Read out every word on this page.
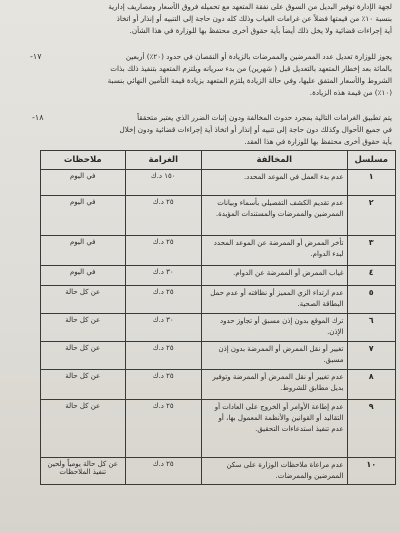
لجهة الإدارة توفير البديل من السوق على نفقة المتعهد مع تحميله فروق الأسعار ومصاريف إدارية
بنسبة ١٠٪ من قيمتها فضلاً عن غرامات الغياب وذلك كله دون حاجة إلى التنبيه أو إنذار أو اتخاذ
أية إجراءات قضائية ولا يخل ذلك أيضاً بأية حقوق أخرى محتفظ بها للوزارة في هذا الشأن.
-١٧	يجوز للوزارة تعديل عدد الممرضين والممرضات بالزيادة أو النقصان في حدود (٢٠٪) أربعين
بالمائة بعد إخطار المتعهد بالتعديل قبل ( شهرين) من بدء سريانه ويلتزم المتعهد بتنفيذ ذلك بذات
الشروط والأسعار المتفق عليها، وفي حالة الزيادة يلتزم المتعهد بزيادة قيمة التأمين النهائي بنسبة
(١٠٪) من قيمة هذه الزيادة.
-١٨	يتم تطبيق الغرامات التالية بمجرد حدوث المخالفة ودون إثبات الضرر الذي يعتبر متحققاً
في جميع الأحوال وكذلك دون حاجة إلى تنبيه أو إنذار أو اتخاذ أية إجراءات قضائية ودون إخلال
بأية حقوق أخرى محتفظ بها للوزارة في هذا العقد.
مسلسل	المخالفة	الغرامة	ملاحظات
١	عدم بدء العمل في الموعد المحدد.	١٥٠ د.ك	في اليوم
٢	عدم تقديم الكشف التفصيلي بأسماء وبيانات الممرضين والممرضات والمستندات المؤيدة.	٢٥ د.ك	في اليوم
٣	تأخر الممرض أو الممرضة عن الموعد المحدد لبدء الدوام.	٢٥ د.ك	في اليوم
٤	غياب الممرض أو الممرضة عن الدوام.	٣٠ د.ك	في اليوم
٥	عدم ارتداء الزي المميز أو نظافته أو عدم حمل البطاقة الصحية.	٢٥ د.ك	عن كل حالة
٦	ترك الموقع بدون إذن مسبق أو تجاوز حدود الإذن.	٣٠ د.ك	عن كل حالة
٧	تغيير أو نقل الممرض أو الممرضة بدون إذن مسبق.	٢٥ د.ك	عن كل حالة
٨	عدم تغيير أو نقل الممرض أو الممرضة وتوفير بديل مطابق للشروط.	٢٥ د.ك	عن كل حالة
٩	عدم إطاعة الأوامر أو الخروج على العادات أو التقاليد أو القوانين والأنظمة المعمول بها، أو عدم تنفيذ استدعاءات التحقيق.	٢٥ د.ك	عن كل حالة
١٠	عدم مراعاة ملاحظات الوزارة على سكن الممرضين والممرضات.	٢٥ د.ك	عن كل حالة يومياً ولحين تنفيذ الملاحظات
